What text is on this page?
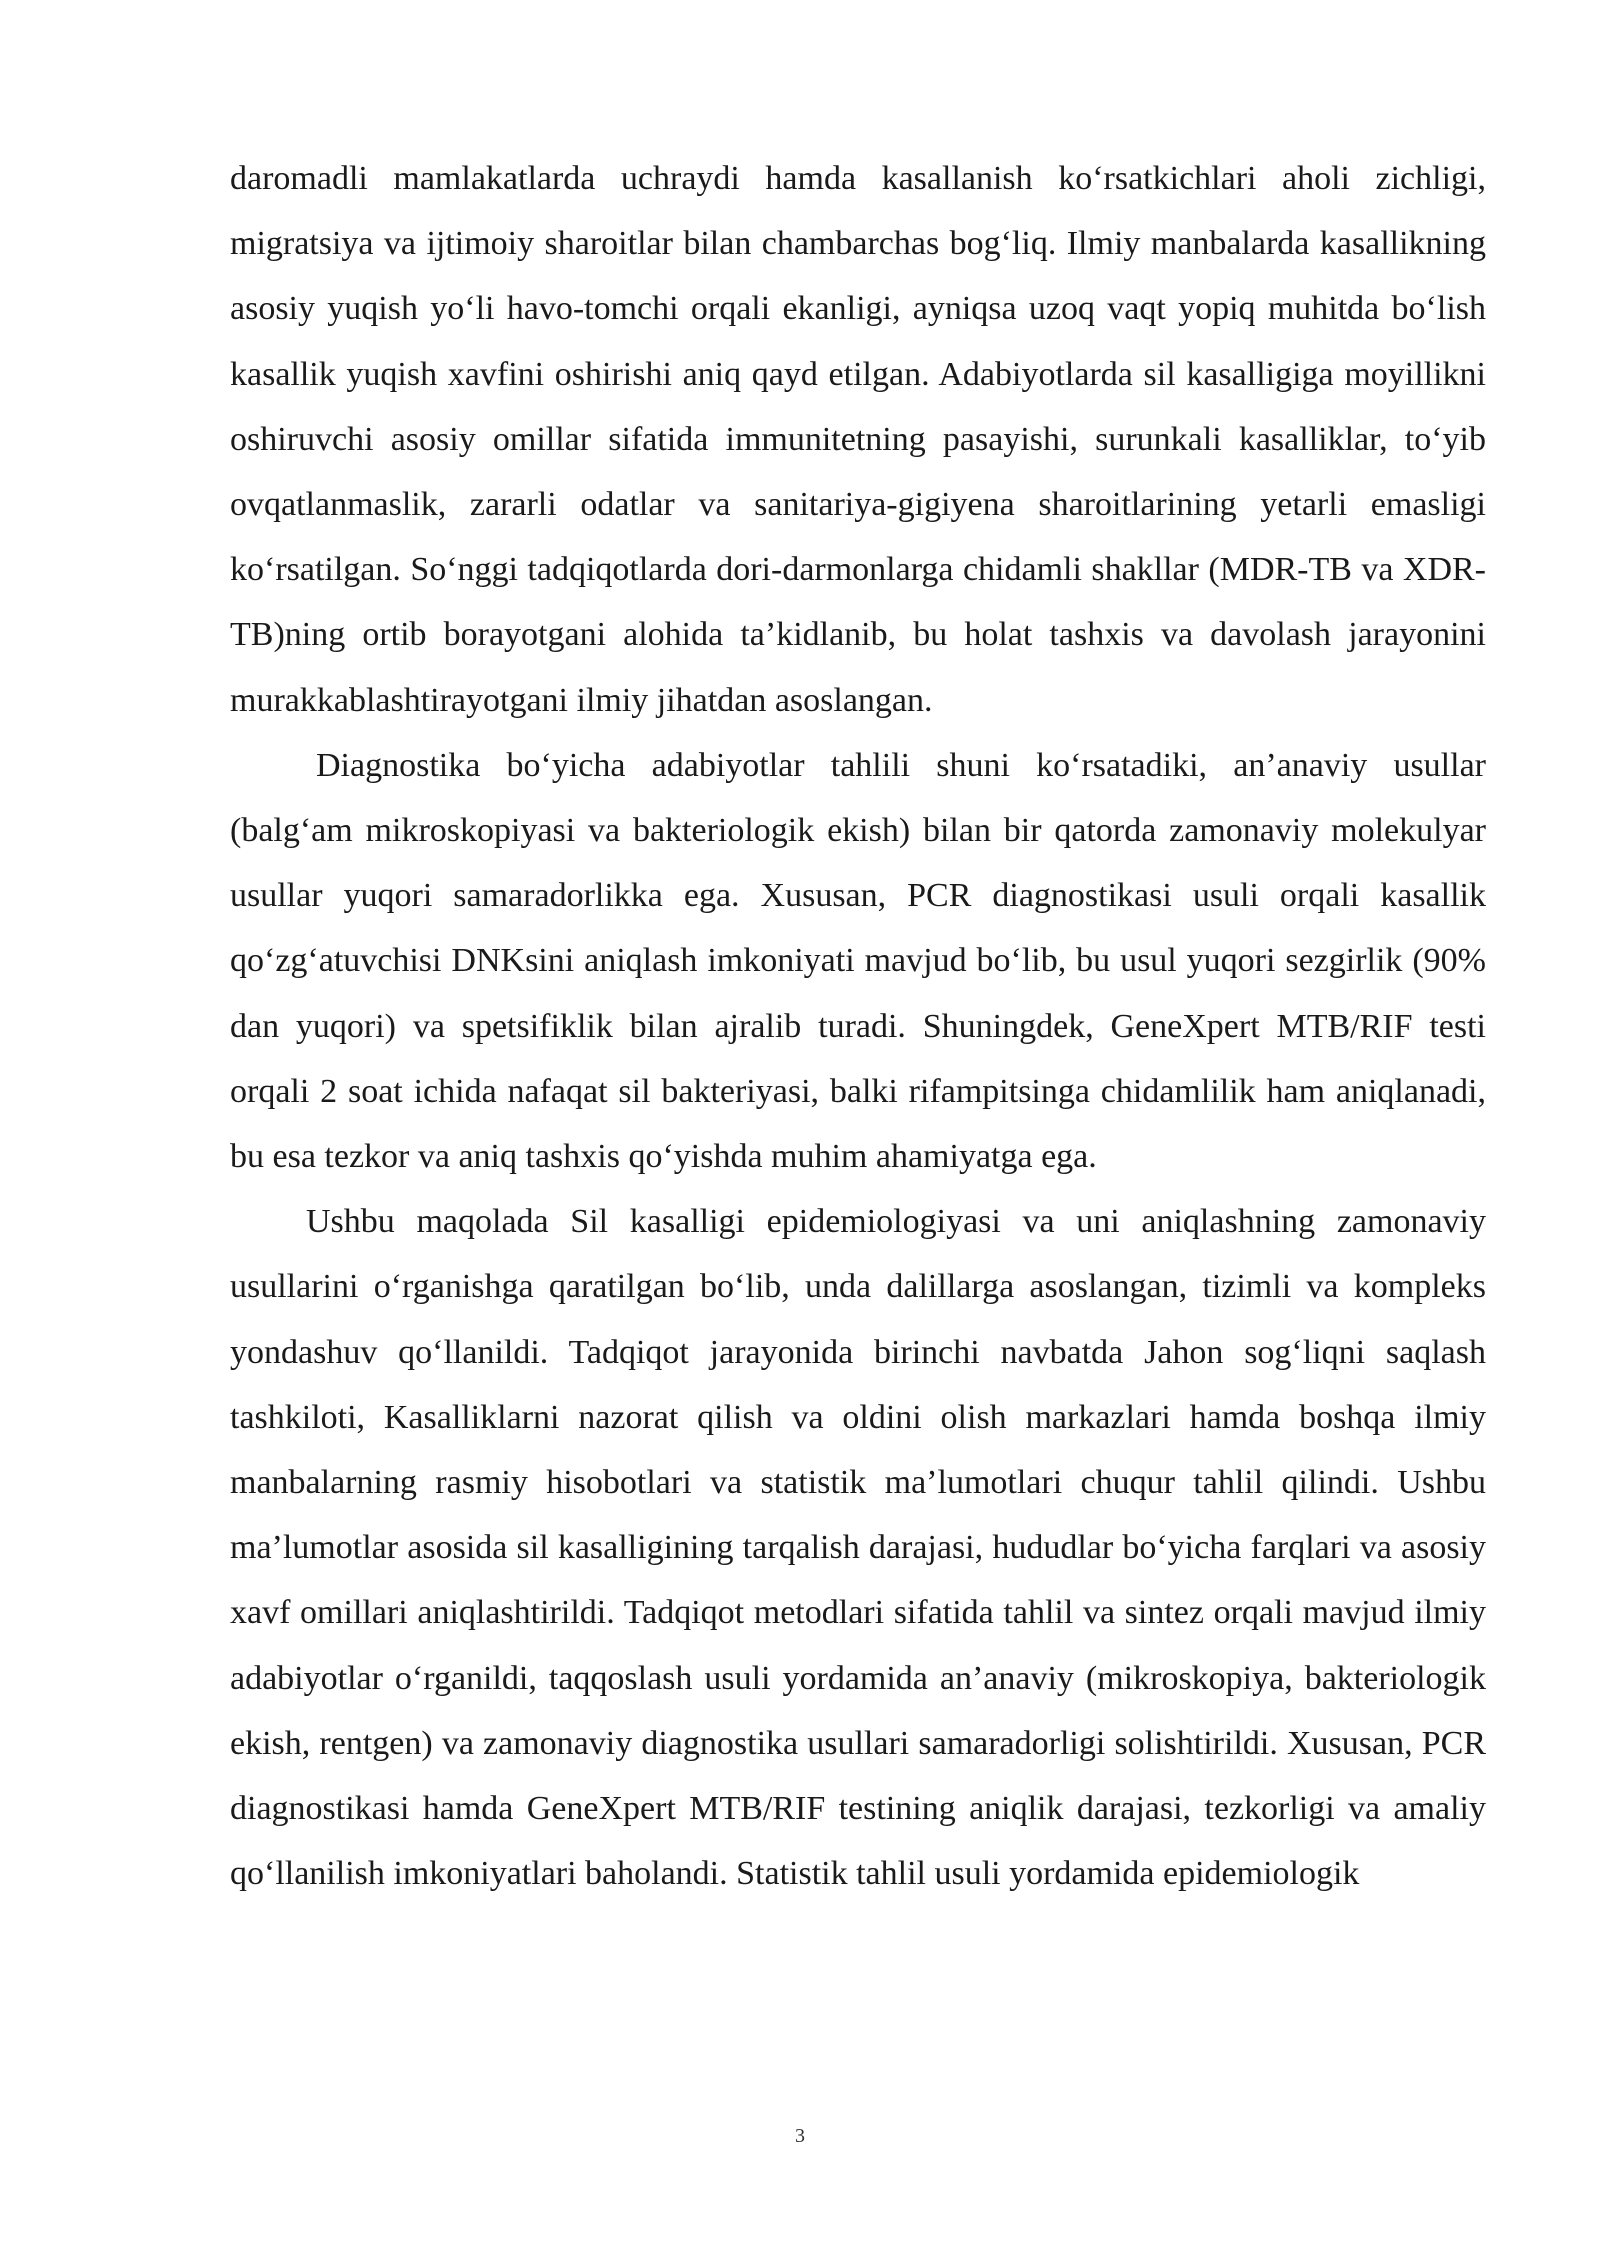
daromadli mamlakatlarda uchraydi hamda kasallanish ko‘rsatkichlari aholi zichligi, migratsiya va ijtimoiy sharoitlar bilan chambarchas bog‘liq. Ilmiy manbalarda kasallikning asosiy yuqish yo‘li havo-tomchi orqali ekanligi, ayniqsa uzoq vaqt yopiq muhitda bo‘lish kasallik yuqish xavfini oshirishi aniq qayd etilgan. Adabiyotlarda sil kasalligiga moyillikni oshiruvchi asosiy omillar sifatida immunitetning pasayishi, surunkali kasalliklar, to‘yib ovqatlanmaslik, zararli odatlar va sanitariya-gigiyena sharoitlarining yetarli emasligi ko‘rsatilgan. So‘nggi tadqiqotlarda dori-darmonlarga chidamli shakllar (MDR-TB va XDR-TB)ning ortib borayotgani alohida ta’kidlanib, bu holat tashxis va davolash jarayonini murakkablashtirayotgani ilmiy jihatdan asoslangan.

Diagnostika bo‘yicha adabiyotlar tahlili shuni ko‘rsatadiki, an’anaviy usullar (balg‘am mikroskopiyasi va bakteriologik ekish) bilan bir qatorda zamonaviy molekulyar usullar yuqori samaradorlikka ega. Xususan, PCR diagnostikasi usuli orqali kasallik qo‘zg‘atuvchisi DNKsini aniqlash imkoniyati mavjud bo‘lib, bu usul yuqori sezgirlik (90% dan yuqori) va spetsifiklik bilan ajralib turadi. Shuningdek, GeneXpert MTB/RIF testi orqali 2 soat ichida nafaqat sil bakteriyasi, balki rifampitsinga chidamlilik ham aniqlanadi, bu esa tezkor va aniq tashxis qo‘yishda muhim ahamiyatga ega.

Ushbu maqolada Sil kasalligi epidemiologiyasi va uni aniqlashning zamonaviy usullarini o‘rganishga qaratilgan bo‘lib, unda dalillarga asoslangan, tizimli va kompleks yondashuv qo‘llanildi. Tadqiqot jarayonida birinchi navbatda Jahon sog‘liqni saqlash tashkiloti, Kasalliklarni nazorat qilish va oldini olish markazlari hamda boshqa ilmiy manbalarning rasmiy hisobotlari va statistik ma’lumotlari chuqur tahlil qilindi. Ushbu ma’lumotlar asosida sil kasalligining tarqalish darajasi, hududlar bo‘yicha farqlari va asosiy xavf omillari aniqlashtirildi. Tadqiqot metodlari sifatida tahlil va sintez orqali mavjud ilmiy adabiyotlar o‘rganildi, taqqoslash usuli yordamida an’anaviy (mikroskopiya, bakteriologik ekish, rentgen) va zamonaviy diagnostika usullari samaradorligi solishtirildi. Xususan, PCR diagnostikasi hamda GeneXpert MTB/RIF testining aniqlik darajasi, tezkorligi va amaliy qo‘llanilish imkoniyatlari baholandi. Statistik tahlil usuli yordamida epidemiologik

3
